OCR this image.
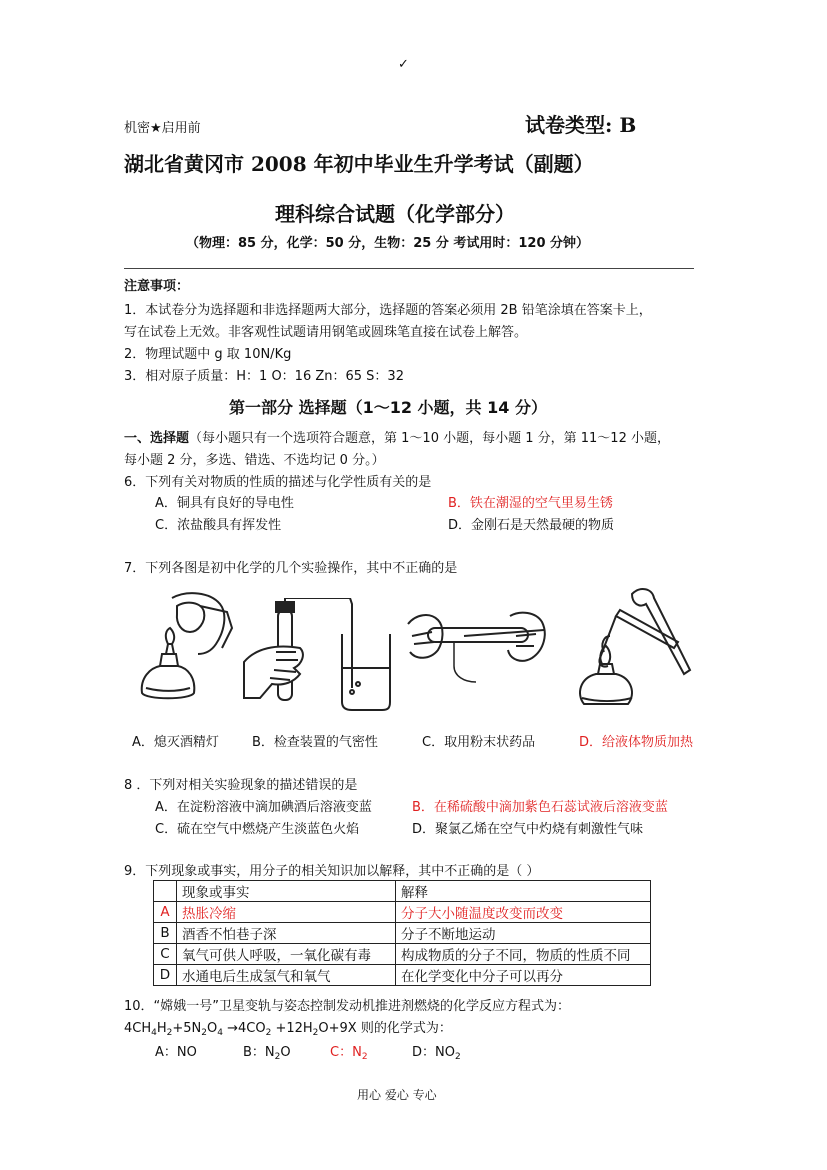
✓
机密★启用前	试卷类型: B
湖北省黄冈市 2008 年初中毕业生升学考试（副题）
理科综合试题（化学部分）
（物理：85 分，化学：50 分，生物：25 分 考试用时：120 分钟）
注意事项：
1．本试卷分为选择题和非选择题两大部分，选择题的答案必须用 2B 铅笔涂填在答案卡上，
写在试卷上无效。非客观性试题请用钢笔或圆珠笔直接在试卷上解答。
2．物理试题中 g 取 10N/Kg
3．相对原子质量：H：1 O：16 Zn：65 S：32
第一部分 选择题（1～12 小题，共 14 分）
一、选择题（每小题只有一个选项符合题意，第 1～10 小题，每小题 1 分，第 11～12 小题，
每小题 2 分，多选、错选、不选均记 0 分。）
6．下列有关对物质的性质的描述与化学性质有关的是
A．铜具有良好的导电性	B．铁在潮湿的空气里易生锈
C．浓盐酸具有挥发性	D．金刚石是天然最硬的物质
7．下列各图是初中化学的几个实验操作，其中不正确的是
A．熄灭酒精灯	B．检查装置的气密性	C．取用粉末状药品	D．给液体物质加热
8 ．下列对相关实验现象的描述错误的是
A．在淀粉溶液中滴加碘酒后溶液变蓝	B．在稀硫酸中滴加紫色石蕊试液后溶液变蓝
C．硫在空气中燃烧产生淡蓝色火焰	D．聚氯乙烯在空气中灼烧有刺激性气味
9．下列现象或事实，用分子的相关知识加以解释，其中不正确的是（ ）
	现象或事实	解释
A	热胀冷缩	分子大小随温度改变而改变
B	酒香不怕巷子深	分子不断地运动
C	氧气可供人呼吸，一氧化碳有毒	构成物质的分子不同，物质的性质不同
D	水通电后生成氢气和氧气	在化学变化中分子可以再分
10．“嫦娥一号”卫星变轨与姿态控制发动机推进剂燃烧的化学反应方程式为：
$4CH_4H_2+5N_2O_4 \to 4CO_2 +12H_2O+9X$ 则的化学式为：
A：NO	B：$N_2O$	C：$N_2$	D：$NO_2$
用心 爱心 专心
